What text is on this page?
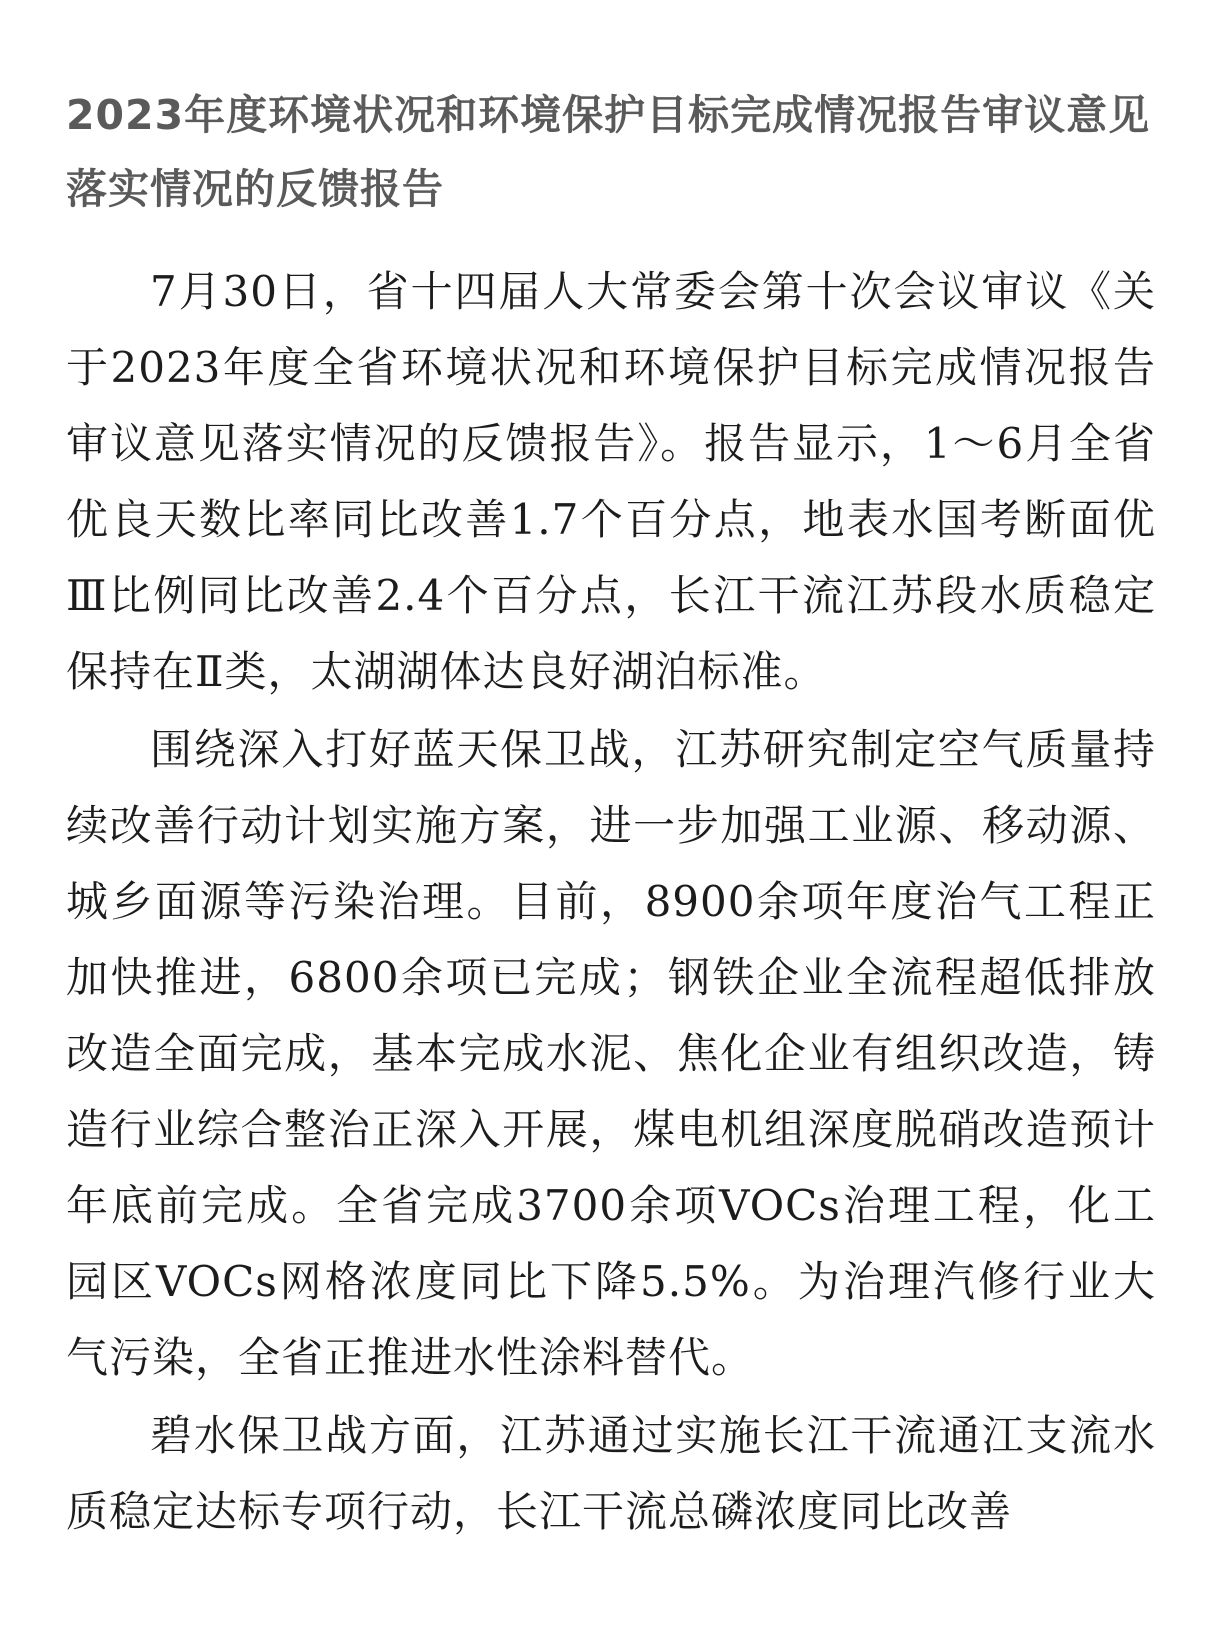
2023年度环境状况和环境保护目标完成情况报告审议意见落实情况的反馈报告

7月30日，省十四届人大常委会第十次会议审议《关于2023年度全省环境状况和环境保护目标完成情况报告审议意见落实情况的反馈报告》。报告显示，1～6月全省优良天数比率同比改善1.7个百分点，地表水国考断面优Ⅲ比例同比改善2.4个百分点，长江干流江苏段水质稳定保持在Ⅱ类，太湖湖体达良好湖泊标准。

围绕深入打好蓝天保卫战，江苏研究制定空气质量持续改善行动计划实施方案，进一步加强工业源、移动源、城乡面源等污染治理。目前，8900余项年度治气工程正加快推进，6800余项已完成；钢铁企业全流程超低排放改造全面完成，基本完成水泥、焦化企业有组织改造，铸造行业综合整治正深入开展，煤电机组深度脱硝改造预计年底前完成。全省完成3700余项VOCs治理工程，化工园区VOCs网格浓度同比下降5.5%。为治理汽修行业大气污染，全省正推进水性涂料替代。

碧水保卫战方面，江苏通过实施长江干流通江支流水质稳定达标专项行动，长江干流总磷浓度同比改善
